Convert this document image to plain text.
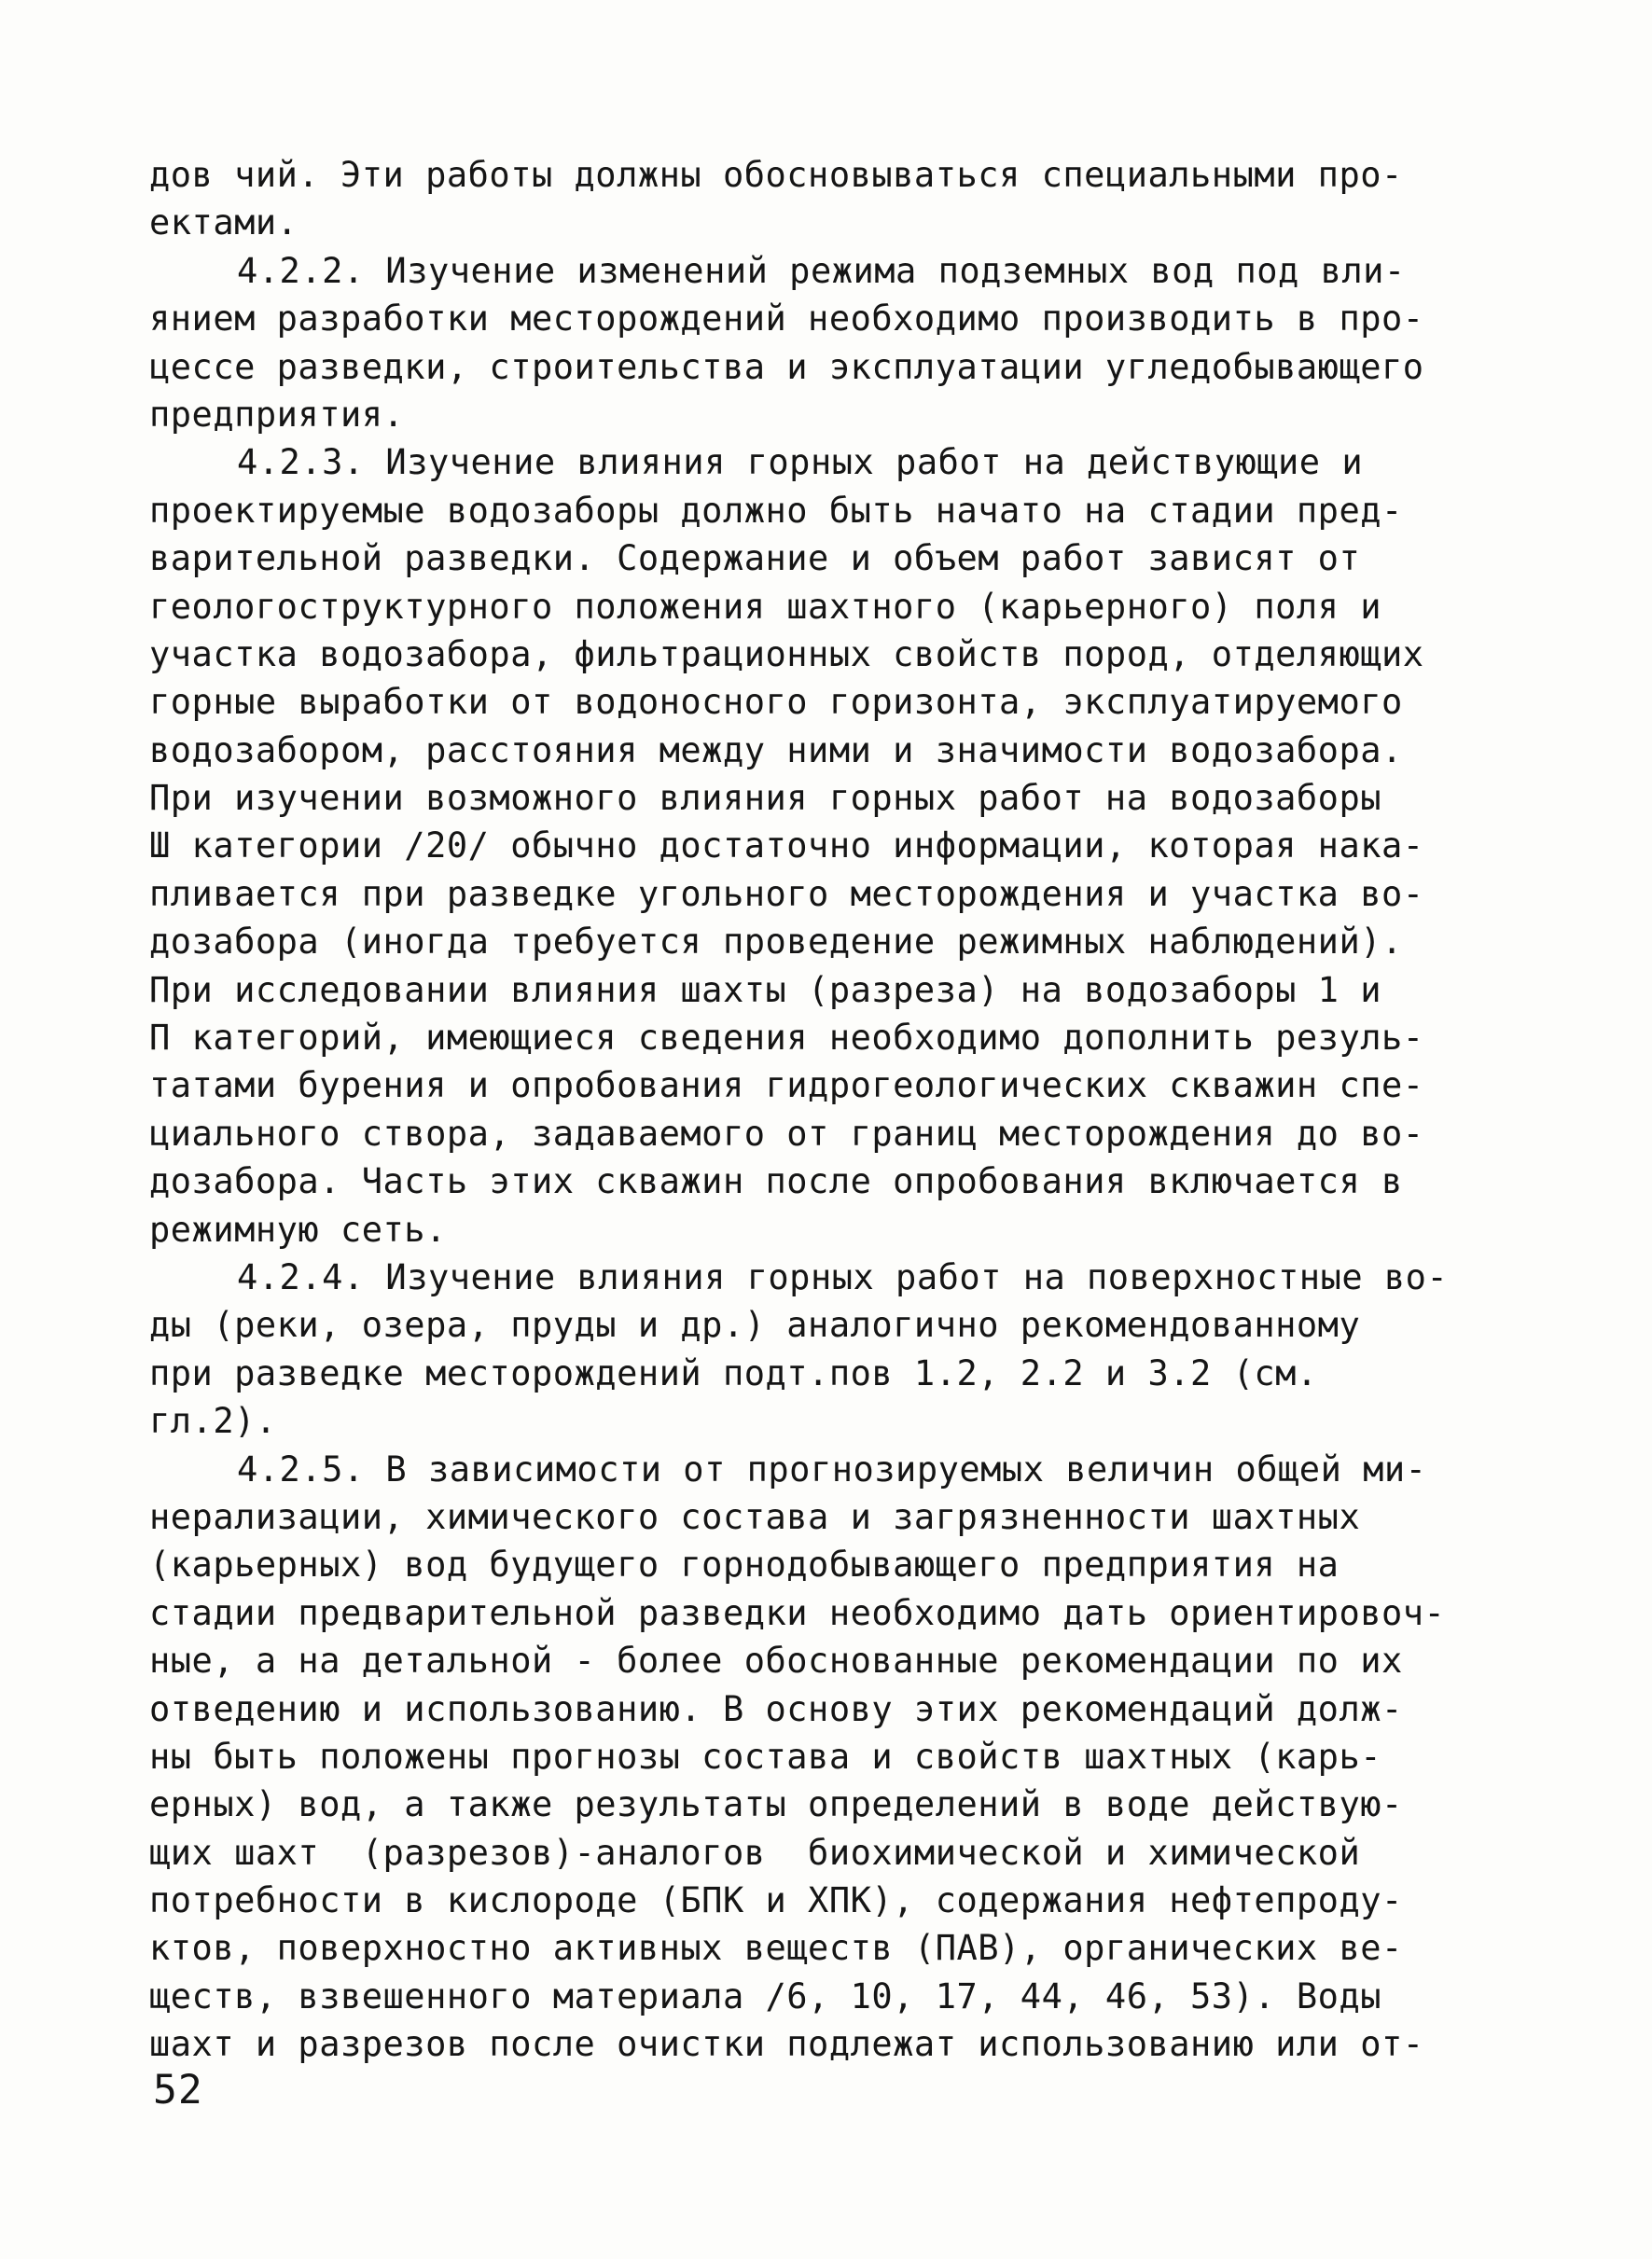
дов чий. Эти работы должны обосновываться специальными про-
ектами.
4.2.2. Изучение изменений режима подземных вод под вли-
янием разработки месторождений необходимо производить в про-
цессе разведки, строительства и эксплуатации угледобывающего
предприятия.
4.2.3. Изучение влияния горных работ на действующие и
проектируемые водозаборы должно быть начато на стадии пред-
варительной разведки. Содержание и объем работ зависят от
геологоструктурного положения шахтного (карьерного) поля и
участка водозабора, фильтрационных свойств пород, отделяющих
горные выработки от водоносного горизонта, эксплуатируемого
водозабором, расстояния между ними и значимости водозабора.
При изучении возможного влияния горных работ на водозаборы
Ш категории /20/ обычно достаточно информации, которая нака-
пливается при разведке угольного месторождения и участка во-
дозабора (иногда требуется проведение режимных наблюдений).
При исследовании влияния шахты (разреза) на водозаборы 1 и
П категорий, имеющиеся сведения необходимо дополнить резуль-
татами бурения и опробования гидрогеологических скважин спе-
циального створа, задаваемого от границ месторождения до во-
дозабора. Часть этих скважин после опробования включается в
режимную сеть.
4.2.4. Изучение влияния горных работ на поверхностные во-
ды (реки, озера, пруды и др.) аналогично рекомендованному
при разведке месторождений подт.пов 1.2, 2.2 и 3.2 (см.
гл.2).
4.2.5. В зависимости от прогнозируемых величин общей ми-
нерализации, химического состава и загрязненности шахтных
(карьерных) вод будущего горнодобывающего предприятия на
стадии предварительной разведки необходимо дать ориентировоч-
ные, а на детальной - более обоснованные рекомендации по их
отведению и использованию. В основу этих рекомендаций долж-
ны быть положены прогнозы состава и свойств шахтных (карь-
ерных) вод, а также результаты определений в воде действую-
щих шахт  (разрезов)-аналогов  биохимической и химической
потребности в кислороде (БПК и ХПК), содержания нефтепроду-
ктов, поверхностно активных веществ (ПАВ), органических ве-
ществ, взвешенного материала /6, 10, 17, 44, 46, 53). Воды
шахт и разрезов после очистки подлежат использованию или от-
52
